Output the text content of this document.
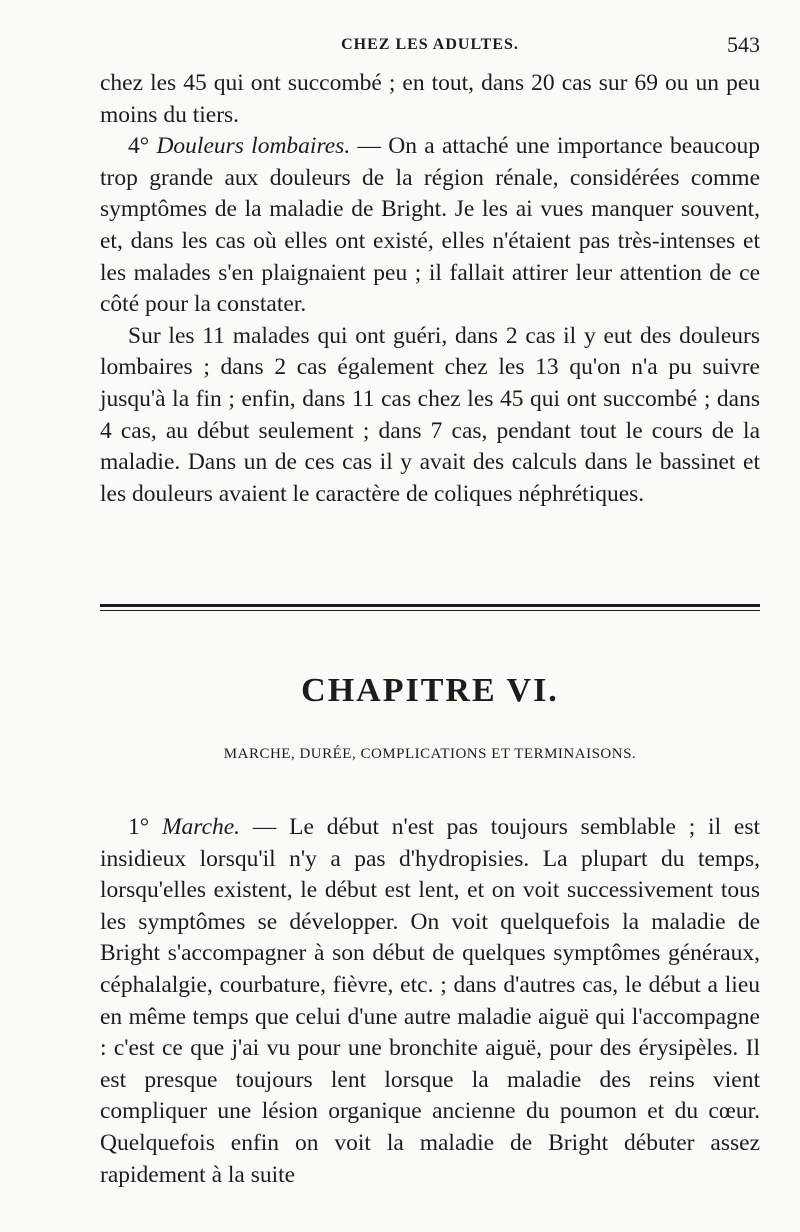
CHEZ LES ADULTES.	543

chez les 45 qui ont succombé ; en tout, dans 20 cas sur 69 ou un peu moins du tiers.

4° Douleurs lombaires. — On a attaché une importance beaucoup trop grande aux douleurs de la région rénale, considérées comme symptômes de la maladie de Bright. Je les ai vues manquer souvent, et, dans les cas où elles ont existé, elles n'étaient pas très-intenses et les malades s'en plaignaient peu ; il fallait attirer leur attention de ce côté pour la constater.

Sur les 11 malades qui ont guéri, dans 2 cas il y eut des douleurs lombaires ; dans 2 cas également chez les 13 qu'on n'a pu suivre jusqu'à la fin ; enfin, dans 11 cas chez les 45 qui ont succombé ; dans 4 cas, au début seulement ; dans 7 cas, pendant tout le cours de la maladie. Dans un de ces cas il y avait des calculs dans le bassinet et les douleurs avaient le caractère de coliques néphrétiques.

CHAPITRE VI.
MARCHE, DURÉE, COMPLICATIONS ET TERMINAISONS.

1° Marche. — Le début n'est pas toujours semblable ; il est insidieux lorsqu'il n'y a pas d'hydropisies. La plupart du temps, lorsqu'elles existent, le début est lent, et on voit successivement tous les symptômes se développer. On voit quelquefois la maladie de Bright s'accompagner à son début de quelques symptômes généraux, céphalalgie, courbature, fièvre, etc. ; dans d'autres cas, le début a lieu en même temps que celui d'une autre maladie aiguë qui l'accompagne : c'est ce que j'ai vu pour une bronchite aiguë, pour des érysipèles. Il est presque toujours lent lorsque la maladie des reins vient compliquer une lésion organique ancienne du poumon et du cœur. Quelquefois enfin on voit la maladie de Bright débuter assez rapidement à la suite
